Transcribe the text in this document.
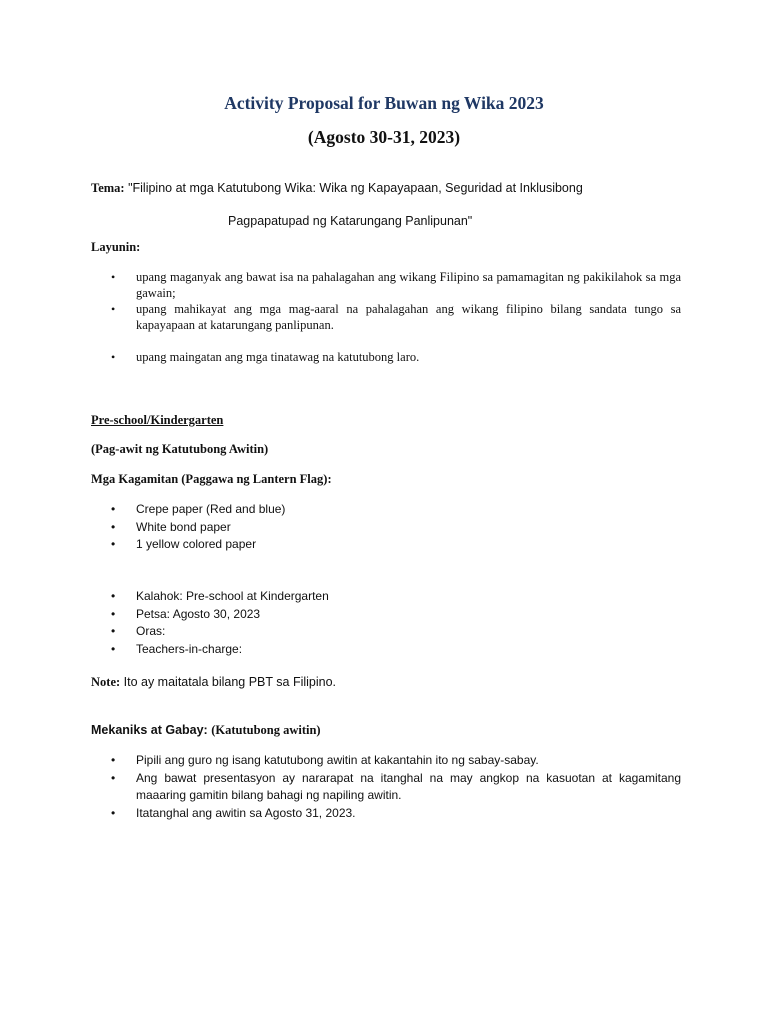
Activity Proposal for Buwan ng Wika 2023
(Agosto 30-31, 2023)
Tema: "Filipino at mga Katutubong Wika: Wika ng Kapayapaan, Seguridad at Inklusibong
Pagpapatupad ng Katarungang Panlipunan"
Layunin:
• upang maganyak ang bawat isa na pahalagahan ang wikang Filipino sa pamamagitan ng pakikilahok sa mga gawain;
• upang mahikayat ang mga mag-aaral na pahalagahan ang wikang filipino bilang sandata tungo sa kapayapaan at katarungang panlipunan.
• upang maingatan ang mga tinatawag na katutubong laro.
Pre-school/Kindergarten
(Pag-awit ng Katutubong Awitin)
Mga Kagamitan (Paggawa ng Lantern Flag):
• Crepe paper (Red and blue)
• White bond paper
• 1 yellow colored paper
• Kalahok: Pre-school at Kindergarten
• Petsa: Agosto 30, 2023
• Oras:
• Teachers-in-charge:
Note: Ito ay maitatala bilang PBT sa Filipino.
Mekaniks at Gabay: (Katutubong awitin)
• Pipili ang guro ng isang katutubong awitin at kakantahin ito ng sabay-sabay.
• Ang bawat presentasyon ay nararapat na itanghal na may angkop na kasuotan at kagamitang maaaring gamitin bilang bahagi ng napiling awitin.
• Itatanghal ang awitin sa Agosto 31, 2023.
